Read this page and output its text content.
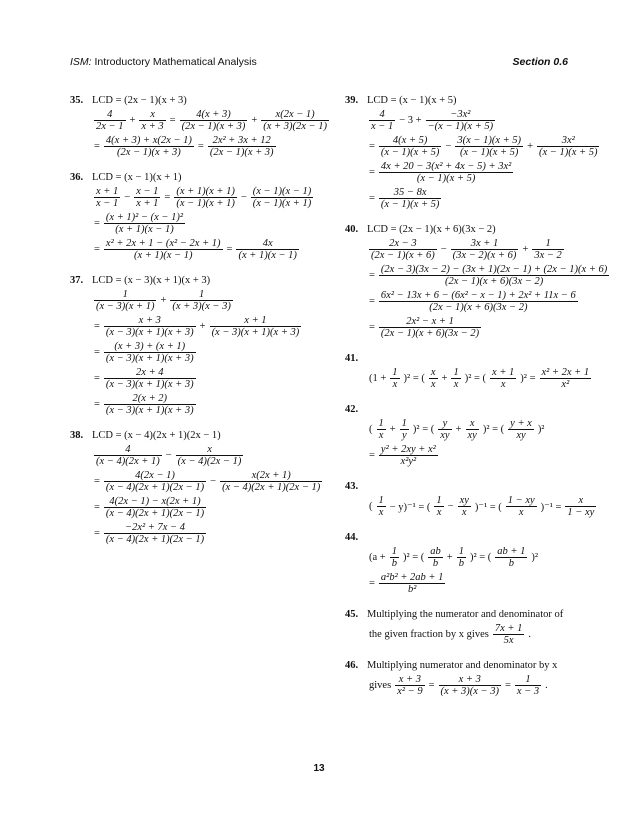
ISM: Introductory Mathematical Analysis	Section 0.6
35. LCD = (2x − 1)(x + 3)
$\frac{4}{2x - 1} + \frac{x}{x + 3} = \frac{4(x + 3)}{(2x - 1)(x + 3)} + \frac{x(2x - 1)}{(x + 3)(2x - 1)}$
= $\frac{4(x + 3) + x(2x - 1)}{(2x - 1)(x + 3)} = \frac{\text{2x² + 3x + 12}}{(2x - 1)(x + 3)}$
36. LCD = (x − 1)(x + 1)
$\frac{x + 1}{x - 1} - \frac{x - 1}{x + 1} = \frac{(x + 1)(x + 1)}{(x - 1)(x + 1)} - \frac{(x - 1)(x - 1)}{(x - 1)(x + 1)}$
= $\frac{\text{(x + 1)² − (x − 1)²}}{(x + 1)(x - 1)}$
= $\frac{\text{x² + 2x + 1 − (x² − 2x + 1)}}{(x + 1)(x - 1)} = \frac{4x}{(x + 1)(x - 1)}$
37. LCD = (x − 3)(x + 1)(x + 3)
$\frac{1}{(x - 3)(x + 1)} + \frac{1}{(x + 3)(x - 3)}$
= $\frac{x + 3}{(x - 3)(x + 1)(x + 3)} + \frac{x + 1}{(x - 3)(x + 1)(x + 3)}$
= $\frac{(x + 3) + (x + 1)}{(x - 3)(x + 1)(x + 3)}$
= $\frac{2x + 4}{(x - 3)(x + 1)(x + 3)}$
= $\frac{2(x + 2)}{(x - 3)(x + 1)(x + 3)}$
38. LCD = (x − 4)(2x + 1)(2x − 1)
$\frac{4}{(x - 4)(2x + 1)} - \frac{x}{(x - 4)(2x - 1)}$
= $\frac{4(2x - 1)}{(x - 4)(2x + 1)(2x - 1)} - \frac{x(2x + 1)}{(x - 4)(2x + 1)(2x - 1)}$
= $\frac{4(2x - 1) - x(2x + 1)}{(x - 4)(2x + 1)(2x - 1)}$
= $\frac{\text{−2x² + 7x − 4}}{(x - 4)(2x + 1)(2x - 1)}$
39. LCD = (x − 1)(x + 5)
$\frac{4}{x - 1} - 3 + \frac{\text{−3x²}}{-(x - 1)(x + 5)}$
= $\frac{4(x + 5)}{(x - 1)(x + 5)} - \frac{3(x - 1)(x + 5)}{(x - 1)(x + 5)} + \frac{\text{3x²}}{(x - 1)(x + 5)}$
= $\frac{\text{4x + 20 − 3(x² + 4x − 5) + 3x²}}{(x - 1)(x + 5)}$
= $\frac{35 - 8x}{(x - 1)(x + 5)}$
40. LCD = (2x − 1)(x + 6)(3x − 2)
$\frac{2x - 3}{(2x - 1)(x + 6)} - \frac{3x + 1}{(3x - 2)(x + 6)} + \frac{1}{3x - 2}$
= $\frac{(2x - 3)(3x - 2) - (3x + 1)(2x - 1) + (2x - 1)(x + 6)}{(2x - 1)(x + 6)(3x - 2)}$
= $\frac{\text{6x² − 13x + 6 − (6x² − x − 1) + 2x² + 11x − 6}}{(2x - 1)(x + 6)(3x - 2)}$
= $\frac{\text{2x² − x + 1}}{(2x - 1)(x + 6)(3x - 2)}$
41.
$(1 + \frac{1}{x} )^2$ = ( $\frac{x}{x} + \frac{1}{x} )^2$ = ( $\frac{x + 1}{x} )^2 = \frac{\text{x² + 2x + 1}}{\text{x²}}$
42.
( $\frac{1}{x} + \frac{1}{y} )^2$ = ( $\frac{y}{xy} + \frac{x}{xy} )^2$ = ( $\frac{y + x}{xy} )^2$
= $\frac{\text{y² + 2xy + x²}}{\text{x²y²}}$
43.
( $\frac{1}{x} - y)^{-1}$ = ( $\frac{1}{x} - \frac{xy}{x} )^{-1}$ = ( $\frac{1 - xy}{x} )^{-1} = \frac{x}{1 - xy}$
44.
$(a + \frac{1}{b} )^2$ = ( $\frac{ab}{b} + \frac{1}{b} )^2$ = ( $\frac{ab + 1}{b} )^2$
= $\frac{\text{a²b² + 2ab + 1}}{\text{b²}}$
45. Multiplying the numerator and denominator of
the given fraction by x gives $\frac{7x + 1}{5x}$ .
46. Multiplying numerator and denominator by x
gives $\frac{x + 3}{\text{x² − 9}} = \frac{x + 3}{(x + 3)(x - 3)} = \frac{1}{x - 3}$ .
13
